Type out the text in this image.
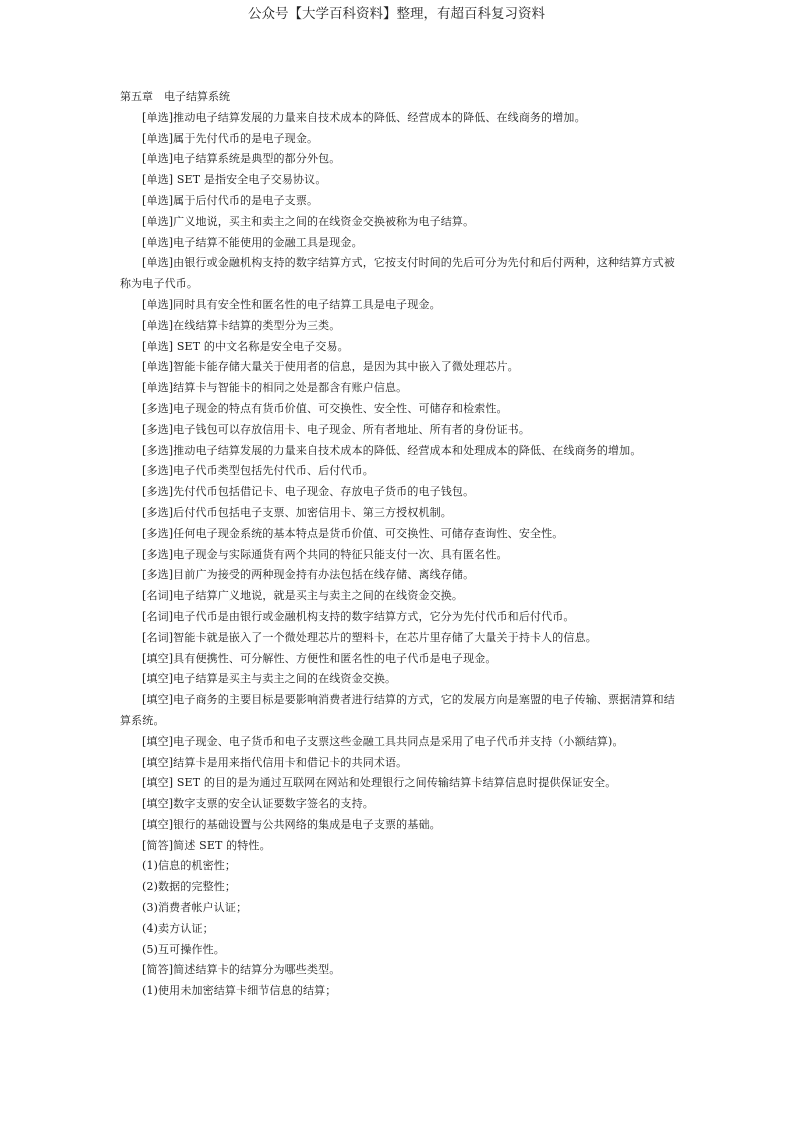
公众号【大学百科资料】整理，有超百科复习资料

第五章　电子结算系统

[单选]推动电子结算发展的力量来自技术成本的降低、经营成本的降低、在线商务的增加。

[单选]属于先付代币的是电子现金。

[单选]电子结算系统是典型的都分外包。

[单选] SET 是指安全电子交易协议。

[单选]属于后付代币的是电子支票。

[单选]广义地说，买主和卖主之间的在线资金交换被称为电子结算。

[单选]电子结算不能使用的金融工具是现金。

[单选]由银行或金融机构支持的数字结算方式，它按支付时间的先后可分为先付和后付两种，这种结算方式被称为电子代币。

[单选]同时具有安全性和匿名性的电子结算工具是电子现金。

[单选]在线结算卡结算的类型分为三类。

[单选] SET 的中文名称是安全电子交易。

[单选]智能卡能存储大量关于使用者的信息，是因为其中嵌入了微处理芯片。

[单选]结算卡与智能卡的相同之处是都含有账户信息。

[多选]电子现金的特点有货币价值、可交换性、安全性、可储存和检索性。

[多选]电子钱包可以存放信用卡、电子现金、所有者地址、所有者的身份证书。

[多选]推动电子结算发展的力量来自技术成本的降低、经营成本和处理成本的降低、在线商务的增加。

[多选]电子代币类型包括先付代币、后付代币。

[多选]先付代币包括借记卡、电子现金、存放电子货币的电子钱包。

[多选]后付代币包括电子支票、加密信用卡、第三方授权机制。

[多选]任何电子现金系统的基本特点是货币价值、可交换性、可储存查询性、安全性。

[多选]电子现金与实际通货有两个共同的特征只能支付一次、具有匿名性。

[多选]目前广为接受的两种现金持有办法包括在线存储、离线存储。

[名词]电子结算广义地说，就是买主与卖主之间的在线资金交换。

[名词]电子代币是由银行或金融机构支持的数字结算方式，它分为先付代币和后付代币。

[名词]智能卡就是嵌入了一个微处理芯片的塑料卡，在芯片里存储了大量关于持卡人的信息。

[填空]具有便携性、可分解性、方便性和匿名性的电子代币是电子现金。

[填空]电子结算是买主与卖主之间的在线资金交换。

[填空]电子商务的主要目标是要影响消费者进行结算的方式，它的发展方向是塞盟的电子传输、票据清算和结算系统。

[填空]电子现金、电子货币和电子支票这些金融工具共同点是采用了电子代币并支持（小额结算)。

[填空]结算卡是用来指代信用卡和借记卡的共同术语。

[填空] SET 的目的是为通过互联网在网站和处理银行之间传输结算卡结算信息时提供保证安全。

[填空]数字支票的安全认证要数字签名的支持。

[填空]银行的基础设置与公共网络的集成是电子支票的基础。

[简答]简述 SET 的特性。

(1)信息的机密性；

(2)数据的完整性；

(3)消费者帐户认证；

(4)卖方认证；

(5)互可操作性。

[简答]简述结算卡的结算分为哪些类型。

(1)使用未加密结算卡细节信息的结算；
